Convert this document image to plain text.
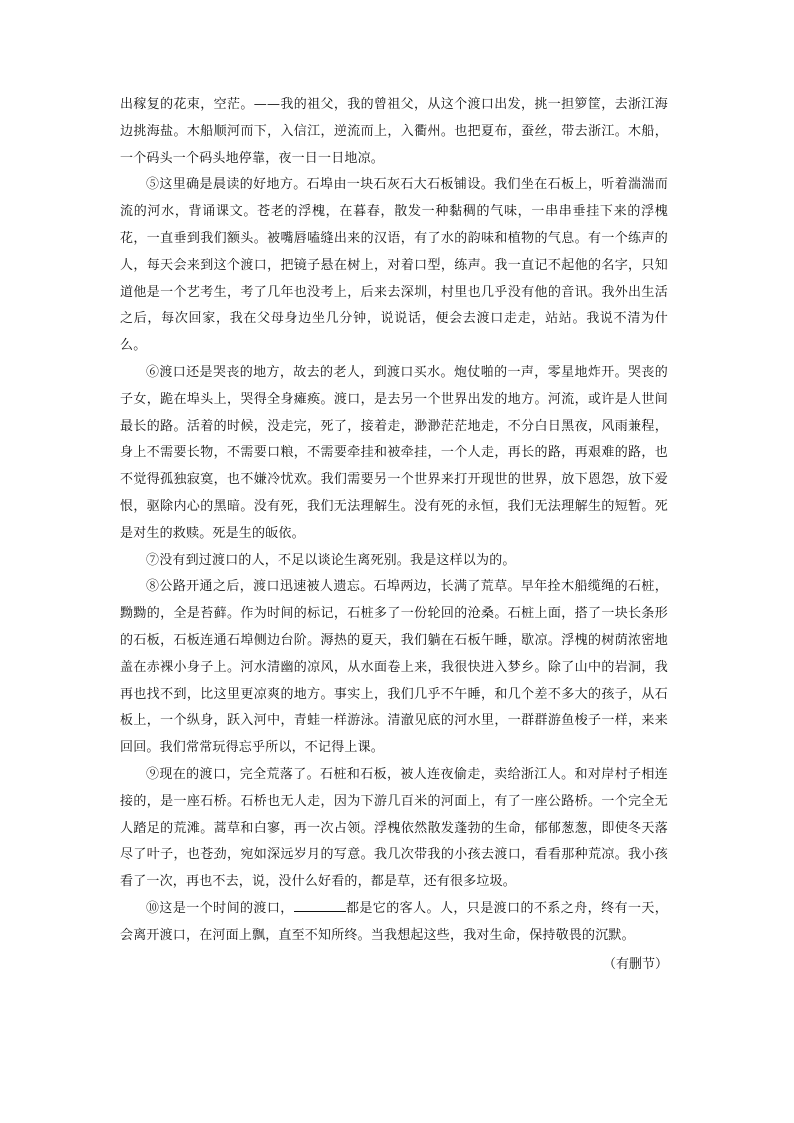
出稼复的花束，空茫。——我的祖父，我的曾祖父，从这个渡口出发，挑一担箩筐，去浙江海边挑海盐。木船顺河而下，入信江，逆流而上，入衢州。也把夏布，蚕丝，带去浙江。木船，一个码头一个码头地停靠，夜一日一日地凉。

⑤这里确是晨读的好地方。石埠由一块石灰石大石板铺设。我们坐在石板上，听着湍湍而流的河水，背诵课文。苍老的浮槐，在暮春，散发一种黏稠的气味，一串串垂挂下来的浮槐花，一直垂到我们额头。被嘴唇嗑缝出来的汉语，有了水的韵味和植物的气息。有一个练声的人，每天会来到这个渡口，把镜子悬在树上，对着口型，练声。我一直记不起他的名字，只知道他是一个艺考生，考了几年也没考上，后来去深圳，村里也几乎没有他的音讯。我外出生活之后，每次回家，我在父母身边坐几分钟，说说话，便会去渡口走走，站站。我说不清为什么。

⑥渡口还是哭丧的地方，故去的老人，到渡口买水。炮仗啪的一声，零星地炸开。哭丧的子女，跪在埠头上，哭得全身瘫痪。渡口，是去另一个世界出发的地方。河流，或许是人世间最长的路。活着的时候，没走完，死了，接着走，渺渺茫茫地走，不分白日黑夜，风雨兼程，身上不需要长物，不需要口粮，不需要牵挂和被牵挂，一个人走，再长的路，再艰难的路，也不觉得孤独寂寞，也不嫌冷忧欢。我们需要另一个世界来打开现世的世界，放下恩怨，放下爱恨，驱除内心的黑暗。没有死，我们无法理解生。没有死的永恒，我们无法理解生的短暂。死是对生的救赎。死是生的皈依。

⑦没有到过渡口的人，不足以谈论生离死别。我是这样以为的。

⑧公路开通之后，渡口迅速被人遗忘。石埠两边，长满了荒草。早年拴木船缆绳的石桩，黝黝的，全是苔藓。作为时间的标记，石桩多了一份轮回的沧桑。石桩上面，搭了一块长条形的石板，石板连通石埠侧边台阶。溽热的夏天，我们躺在石板午睡，歇凉。浮槐的树荫浓密地盖在赤裸小身子上。河水清幽的凉风，从水面卷上来，我很快进入梦乡。除了山中的岩洞，我再也找不到，比这里更凉爽的地方。事实上，我们几乎不午睡，和几个差不多大的孩子，从石板上，一个纵身，跃入河中，青蛙一样游泳。清澈见底的河水里，一群群游鱼梭子一样，来来回回。我们常常玩得忘乎所以，不记得上课。

⑨现在的渡口，完全荒落了。石桩和石板，被人连夜偷走，卖给浙江人。和对岸村子相连接的，是一座石桥。石桥也无人走，因为下游几百米的河面上，有了一座公路桥。一个完全无人踏足的荒滩。蒿草和白寥，再一次占领。浮槐依然散发蓬勃的生命，郁郁葱葱，即使冬天落尽了叶子，也苍劲，宛如深远岁月的写意。我几次带我的小孩去渡口，看看那种荒凉。我小孩看了一次，再也不去，说，没什么好看的，都是草，还有很多垃圾。

⑩这是一个时间的渡口，	都是它的客人。人，只是渡口的不系之舟，终有一天，会离开渡口，在河面上飘，直至不知所终。当我想起这些，我对生命，保持敬畏的沉默。

（有删节）
